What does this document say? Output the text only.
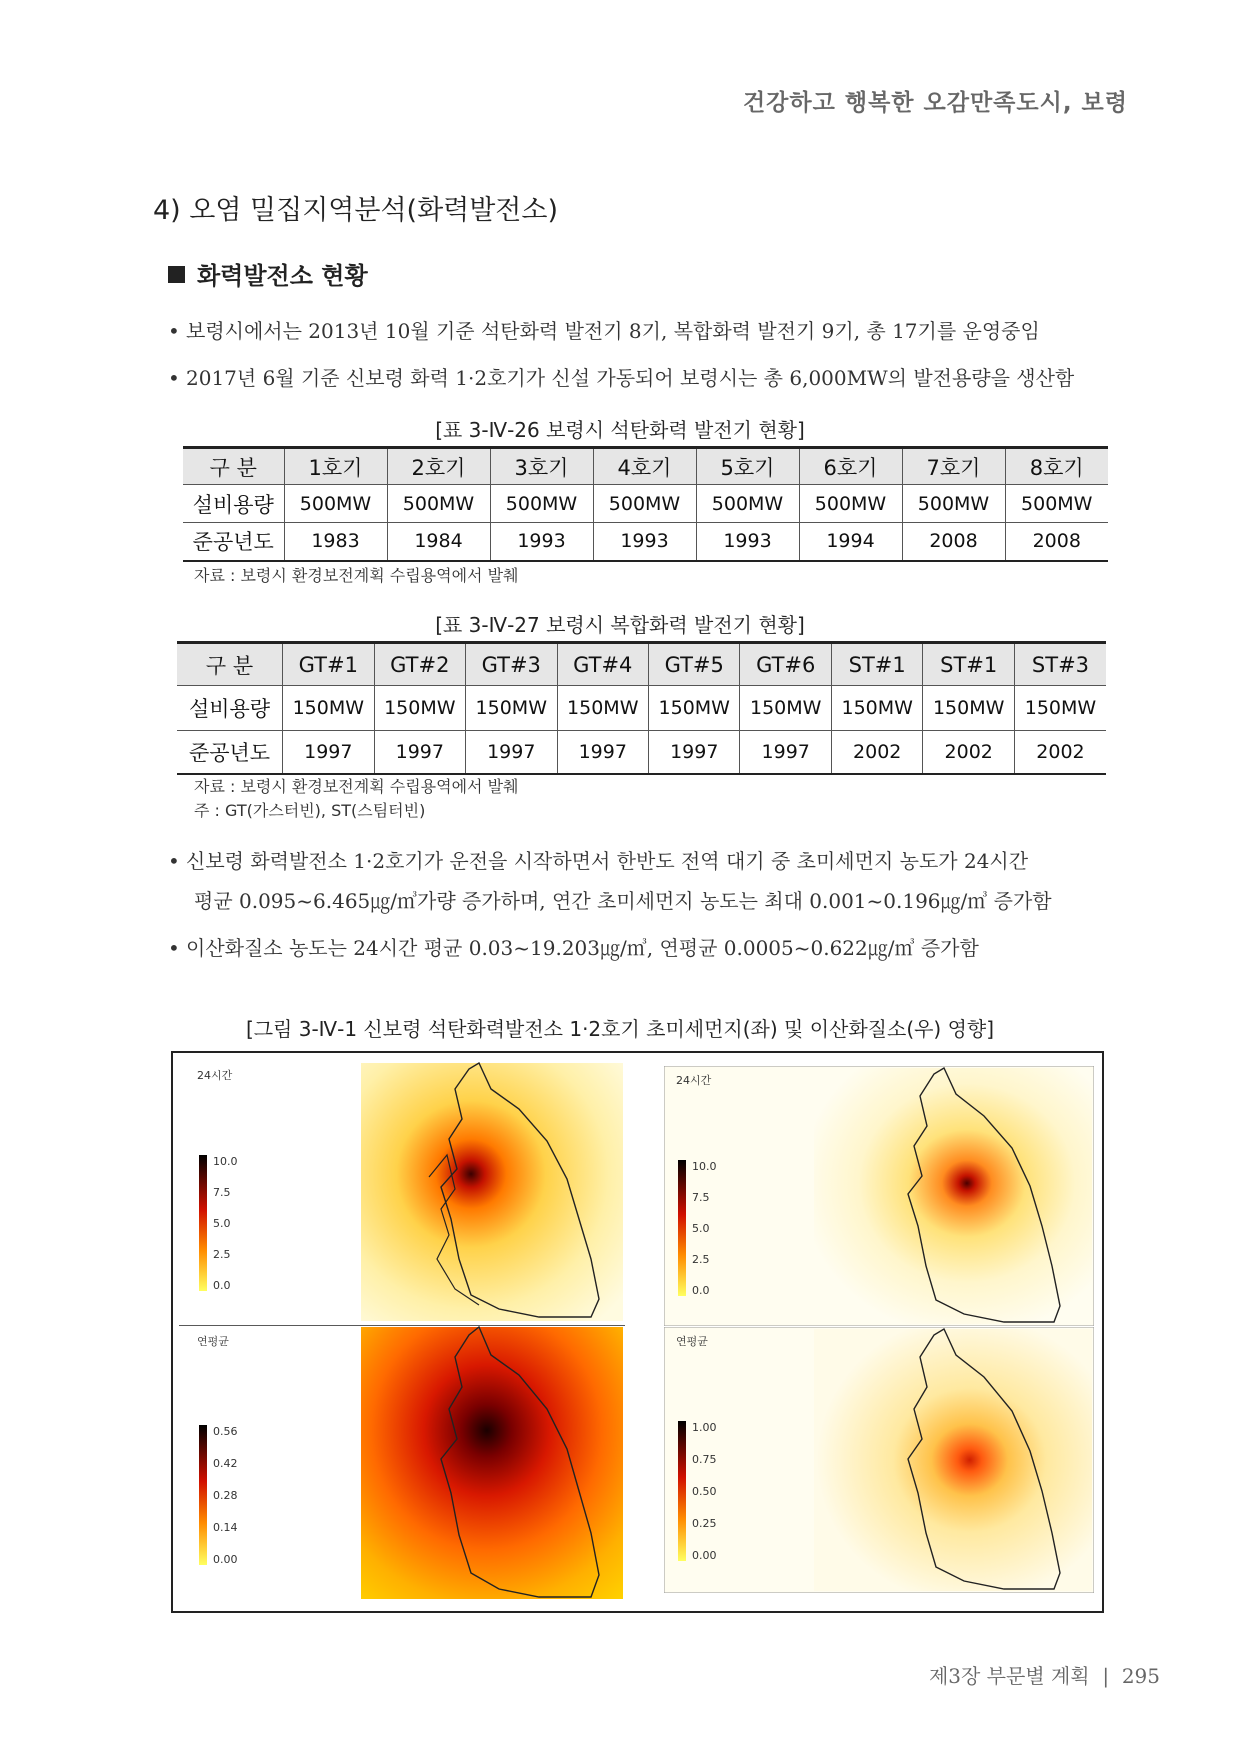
건강하고 행복한 오감만족도시, 보령
4) 오염 밀집지역분석(화력발전소)
화력발전소 현황
• 보령시에서는 2013년 10월 기준 석탄화력 발전기 8기, 복합화력 발전기 9기, 총 17기를 운영중임
• 2017년 6월 기준 신보령 화력 1·2호기가 신설 가동되어 보령시는 총 6,000MW의 발전용량을 생산함
[표 3-Ⅳ-26 보령시 석탄화력 발전기 현황]
구 분	1호기	2호기	3호기	4호기	5호기	6호기	7호기	8호기
설비용량	500MW	500MW	500MW	500MW	500MW	500MW	500MW	500MW
준공년도	1983	1984	1993	1993	1993	1994	2008	2008
자료 : 보령시 환경보전계획 수립용역에서 발췌
[표 3-Ⅳ-27 보령시 복합화력 발전기 현황]
구 분	GT#1	GT#2	GT#3	GT#4	GT#5	GT#6	ST#1	ST#1	ST#3
설비용량	150MW	150MW	150MW	150MW	150MW	150MW	150MW	150MW	150MW
준공년도	1997	1997	1997	1997	1997	1997	2002	2002	2002
자료 : 보령시 환경보전계획 수립용역에서 발췌
주 : GT(가스터빈), ST(스팀터빈)
• 신보령 화력발전소 1·2호기가 운전을 시작하면서 한반도 전역 대기 중 초미세먼지 농도가 24시간
평균 0.095~6.465㎍/㎥가량 증가하며, 연간 초미세먼지 농도는 최대 0.001~0.196㎍/㎥ 증가함
• 이산화질소 농도는 24시간 평균 0.03~19.203㎍/㎥, 연평균 0.0005~0.622㎍/㎥ 증가함
[그림 3-Ⅳ-1 신보령 석탄화력발전소 1·2호기 초미세먼지(좌) 및 이산화질소(우) 영향]
24시간
10.0
7.5
5.0
2.5
0.0
24시간
10.0
7.5
5.0
2.5
0.0
연평균
0.56
0.42
0.28
0.14
0.00
연평균
1.00
0.75
0.50
0.25
0.00
제3장 부문별 계획  |  295
